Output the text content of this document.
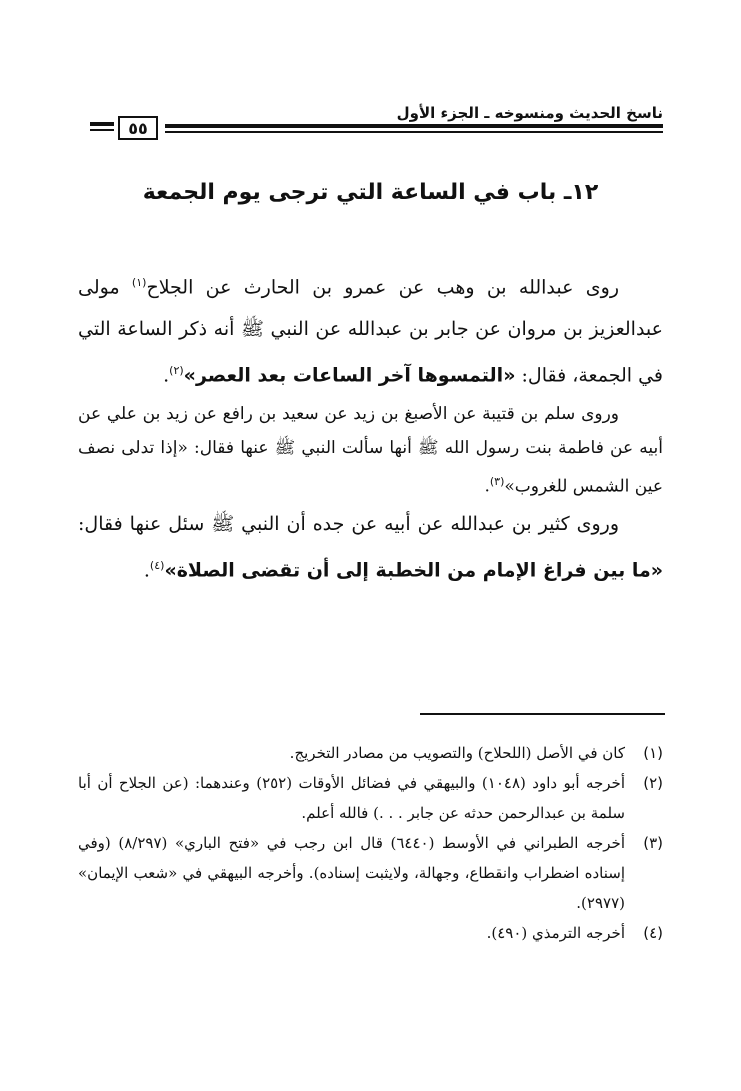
ناسخ الحديث ومنسوخه ـ الجزء الأول
٥٥
١٢ـ باب في الساعة التي ترجى يوم الجمعة

روى عبدالله بن وهب عن عمرو بن الحارث عن الجلاح$^{(١)}$ مولى عبدالعزيز بن مروان عن جابر بن عبدالله عن النبي ﷺ أنه ذكر الساعة التي في الجمعة، فقال: «التمسوها آخر الساعات بعد العصر»$^{(٢)}$.

وروى سلم بن قتيبة عن الأصبغ بن زيد عن سعيد بن رافع عن زيد بن علي عن أبيه عن فاطمة بنت رسول الله ﷺ أنها سألت النبي ﷺ عنها فقال: «إذا تدلى نصف عين الشمس للغروب»$^{(٣)}$.

وروى كثير بن عبدالله عن أبيه عن جده أن النبي ﷺ سئل عنها فقال: «ما بين فراغ الإمام من الخطبة إلى أن تقضى الصلاة»$^{(٤)}$.

(١)
كان في الأصل (اللحلاح) والتصويب من مصادر التخريج.
(٢)
أخرجه أبو داود (١٠٤٨) والبيهقي في فضائل الأوقات (٢٥٢) وعندهما: (عن الجلاح أن أبا سلمة بن عبدالرحمن حدثه عن جابر . . .) فالله أعلم.
(٣)
أخرجه الطبراني في الأوسط (٦٤٤٠) قال ابن رجب في «فتح الباري» (٨/٢٩٧) (وفي إسناده اضطراب وانقطاع، وجهالة، ولايثبت إسناده). وأخرجه البيهقي في «شعب الإيمان» (٢٩٧٧).
(٤)
أخرجه الترمذي (٤٩٠).
